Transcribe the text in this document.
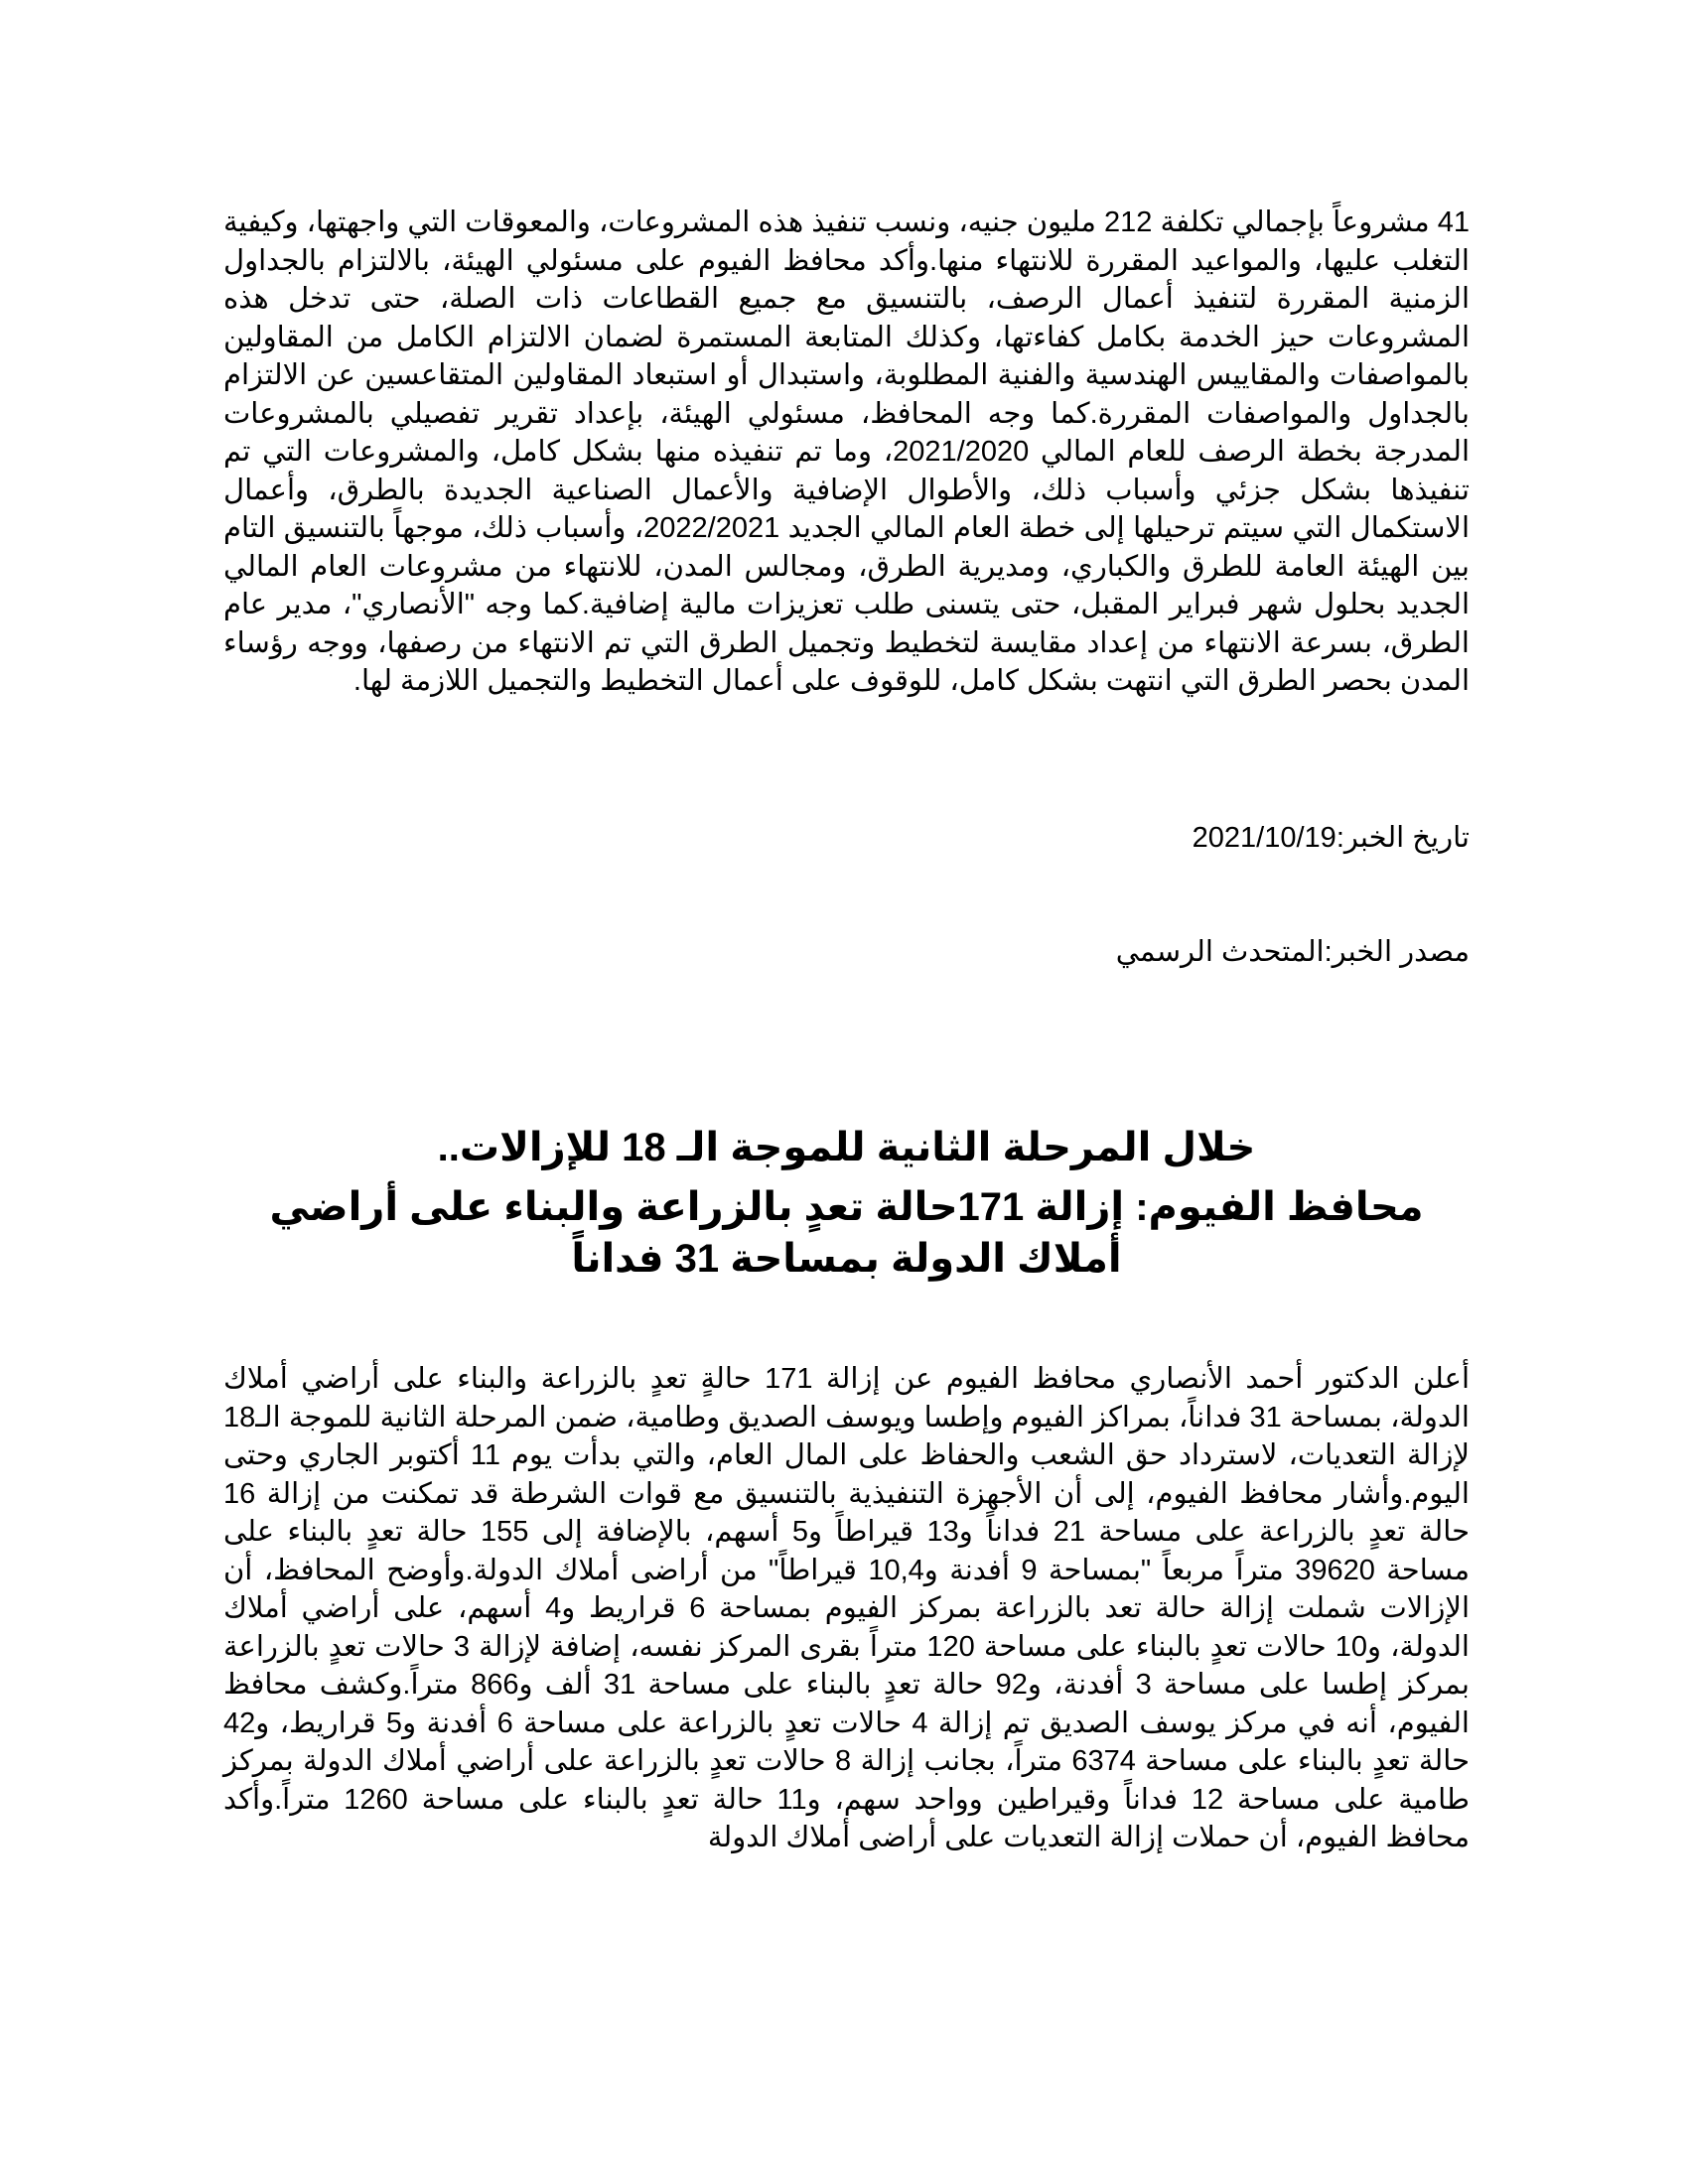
41 مشروعاً بإجمالي تكلفة 212 مليون جنيه، ونسب تنفيذ هذه المشروعات، والمعوقات التي واجهتها، وكيفية التغلب عليها، والمواعيد المقررة للانتهاء منها.وأكد محافظ الفيوم على مسئولي الهيئة، بالالتزام بالجداول الزمنية المقررة لتنفيذ أعمال الرصف، بالتنسيق مع جميع القطاعات ذات الصلة، حتى تدخل هذه المشروعات حيز الخدمة بكامل كفاءتها، وكذلك المتابعة المستمرة لضمان الالتزام الكامل من المقاولين بالمواصفات والمقاييس الهندسية والفنية المطلوبة، واستبدال أو استبعاد المقاولين المتقاعسين عن الالتزام بالجداول والمواصفات المقررة.كما وجه المحافظ، مسئولي الهيئة، بإعداد تقرير تفصيلي بالمشروعات المدرجة بخطة الرصف للعام المالي 2021/2020، وما تم تنفيذه منها بشكل كامل، والمشروعات التي تم تنفيذها بشكل جزئي وأسباب ذلك، والأطوال الإضافية والأعمال الصناعية الجديدة بالطرق، وأعمال الاستكمال التي سيتم ترحيلها إلى خطة العام المالي الجديد 2022/2021، وأسباب ذلك، موجهاً بالتنسيق التام بين الهيئة العامة للطرق والكباري، ومديرية الطرق، ومجالس المدن، للانتهاء من مشروعات العام المالي الجديد بحلول شهر فبراير المقبل، حتى يتسنى طلب تعزيزات مالية إضافية.كما وجه "الأنصاري"، مدير عام الطرق، بسرعة الانتهاء من إعداد مقايسة لتخطيط وتجميل الطرق التي تم الانتهاء من رصفها، ووجه رؤساء المدن بحصر الطرق التي انتهت بشكل كامل، للوقوف على أعمال التخطيط والتجميل اللازمة لها.

تاريخ الخبر:2021/10/19

مصدر الخبر:المتحدث الرسمي

خلال المرحلة الثانية للموجة الـ 18 للإزالات..
محافظ الفيوم: إزالة 171حالة تعدٍ بالزراعة والبناء على أراضي أملاك الدولة بمساحة 31 فداناً

أعلن الدكتور أحمد الأنصاري محافظ الفيوم عن إزالة 171 حالةٍ تعدٍ بالزراعة والبناء على أراضي أملاك الدولة، بمساحة 31 فداناً، بمراكز الفيوم وإطسا ويوسف الصديق وطامية، ضمن المرحلة الثانية للموجة الـ18 لإزالة التعديات، لاسترداد حق الشعب والحفاظ على المال العام، والتي بدأت يوم 11 أكتوبر الجاري وحتى اليوم.وأشار محافظ الفيوم، إلى أن الأجهزة التنفيذية بالتنسيق مع قوات الشرطة قد تمكنت من إزالة 16 حالة تعدٍ بالزراعة على مساحة 21 فداناً و13 قيراطاً و5 أسهم، بالإضافة إلى 155 حالة تعدٍ بالبناء على مساحة 39620 متراً مربعاً "بمساحة 9 أفدنة و10,4 قيراطاً" من أراضى أملاك الدولة.وأوضح المحافظ، أن الإزالات شملت إزالة حالة تعد بالزراعة بمركز الفيوم بمساحة 6 قراريط و4 أسهم، على أراضي أملاك الدولة، و10 حالات تعدٍ بالبناء على مساحة 120 متراً بقرى المركز نفسه، إضافة لإزالة 3 حالات تعدٍ بالزراعة بمركز إطسا على مساحة 3 أفدنة، و92 حالة تعدٍ بالبناء على مساحة 31 ألف و866 متراً.وكشف محافظ الفيوم، أنه في مركز يوسف الصديق تم إزالة 4 حالات تعدٍ بالزراعة على مساحة 6 أفدنة و5 قراريط، و42 حالة تعدٍ بالبناء على مساحة 6374 متراً، بجانب إزالة 8 حالات تعدٍ بالزراعة على أراضي أملاك الدولة بمركز طامية على مساحة 12 فداناً وقيراطين وواحد سهم، و11 حالة تعدٍ بالبناء على مساحة 1260 متراً.وأكد محافظ الفيوم، أن حملات إزالة التعديات على أراضى أملاك الدولة
